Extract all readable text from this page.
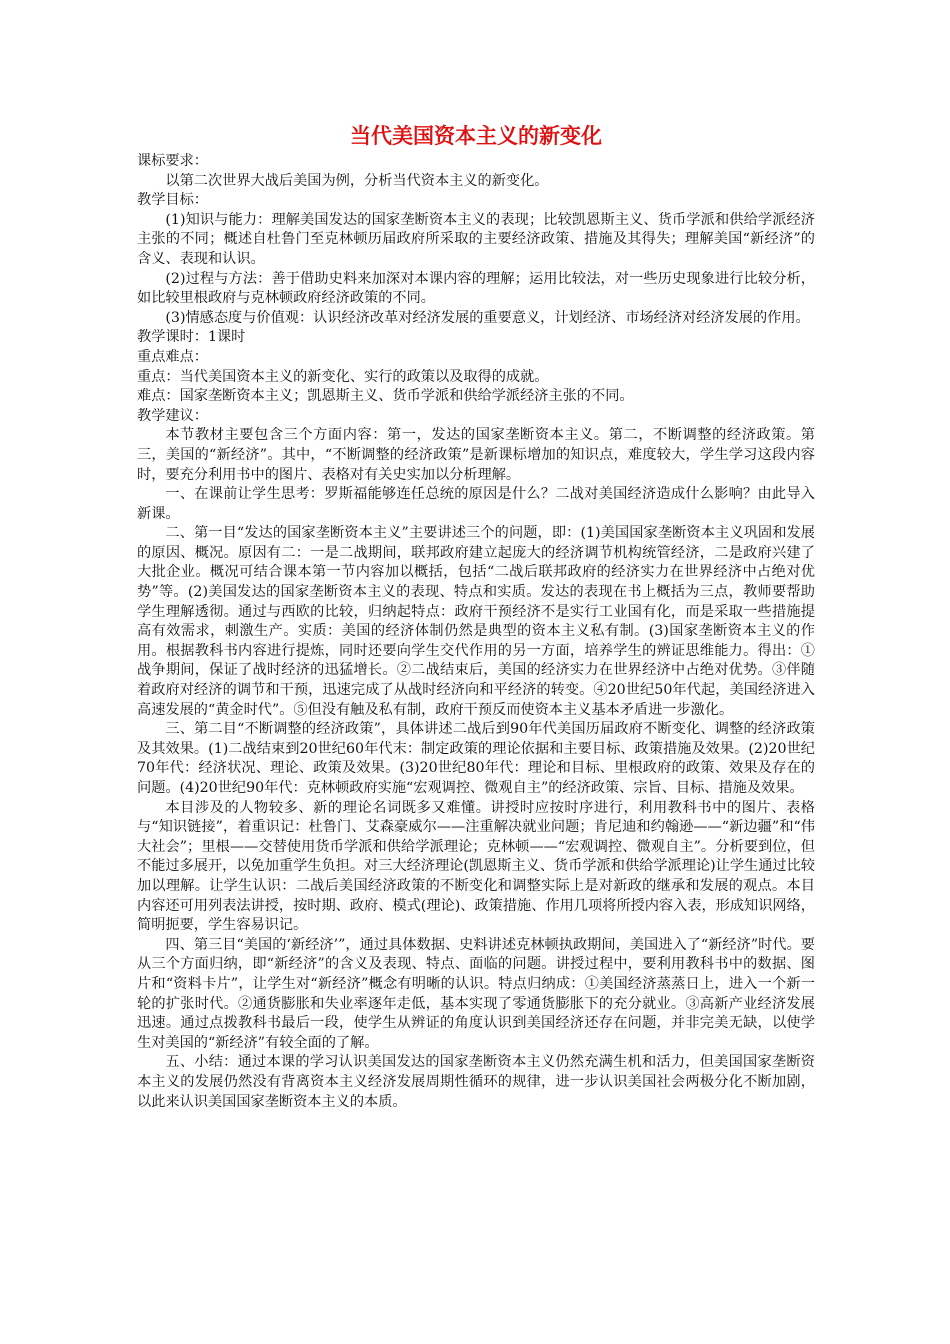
当代美国资本主义的新变化

课标要求：

以第二次世界大战后美国为例，分析当代资本主义的新变化。

教学目标：

(1)知识与能力：理解美国发达的国家垄断资本主义的表现；比较凯恩斯主义、货币学派和供给学派经济主张的不同；概述自杜鲁门至克林顿历届政府所采取的主要经济政策、措施及其得失；理解美国“新经济”的含义、表现和认识。

(2)过程与方法：善于借助史料来加深对本课内容的理解；运用比较法，对一些历史现象进行比较分析，如比较里根政府与克林顿政府经济政策的不同。

(3)情感态度与价值观：认识经济改革对经济发展的重要意义，计划经济、市场经济对经济发展的作用。

教学课时：1课时

重点难点：

重点：当代美国资本主义的新变化、实行的政策以及取得的成就。

难点：国家垄断资本主义；凯恩斯主义、货币学派和供给学派经济主张的不同。

教学建议：

本节教材主要包含三个方面内容：第一，发达的国家垄断资本主义。第二，不断调整的经济政策。第三，美国的“新经济”。其中，“不断调整的经济政策”是新课标增加的知识点，难度较大，学生学习这段内容时，要充分利用书中的图片、表格对有关史实加以分析理解。

一、在课前让学生思考：罗斯福能够连任总统的原因是什么？二战对美国经济造成什么影响？由此导入新课。

二、第一目“发达的国家垄断资本主义”主要讲述三个的问题，即：(1)美国国家垄断资本主义巩固和发展的原因、概况。原因有二：一是二战期间，联邦政府建立起庞大的经济调节机构统管经济，二是政府兴建了大批企业。概况可结合课本第一节内容加以概括，包括“二战后联邦政府的经济实力在世界经济中占绝对优势”等。(2)美国发达的国家垄断资本主义的表现、特点和实质。发达的表现在书上概括为三点，教师要帮助学生理解透彻。通过与西欧的比较，归纳起特点：政府干预经济不是实行工业国有化，而是采取一些措施提高有效需求，刺激生产。实质：美国的经济体制仍然是典型的资本主义私有制。(3)国家垄断资本主义的作用。根据教科书内容进行提炼，同时还要向学生交代作用的另一方面，培养学生的辨证思维能力。得出：①战争期间，保证了战时经济的迅猛增长。②二战结束后，美国的经济实力在世界经济中占绝对优势。③伴随着政府对经济的调节和干预，迅速完成了从战时经济向和平经济的转变。④20世纪50年代起，美国经济进入高速发展的“黄金时代”。⑤但没有触及私有制，政府干预反而使资本主义基本矛盾进一步激化。

三、第二目“不断调整的经济政策”，具体讲述二战后到90年代美国历届政府不断变化、调整的经济政策及其效果。(1)二战结束到20世纪60年代末：制定政策的理论依据和主要目标、政策措施及效果。(2)20世纪70年代：经济状况、理论、政策及效果。(3)20世纪80年代：理论和目标、里根政府的政策、效果及存在的问题。(4)20世纪90年代：克林顿政府实施“宏观调控、微观自主”的经济政策、宗旨、目标、措施及效果。

本目涉及的人物较多、新的理论名词既多又难懂。讲授时应按时序进行，利用教科书中的图片、表格与“知识链接”，着重识记：杜鲁门、艾森豪威尔——注重解决就业问题；肯尼迪和约翰逊——“新边疆”和“伟大社会”；里根——交替使用货币学派和供给学派理论；克林顿——“宏观调控、微观自主”。分析要到位，但不能过多展开，以免加重学生负担。对三大经济理论(凯恩斯主义、货币学派和供给学派理论)让学生通过比较加以理解。让学生认识：二战后美国经济政策的不断变化和调整实际上是对新政的继承和发展的观点。本目内容还可用列表法讲授，按时期、政府、模式(理论)、政策措施、作用几项将所授内容入表，形成知识网络，简明扼要，学生容易识记。

四、第三目“美国的‘新经济’”，通过具体数据、史料讲述克林顿执政期间，美国进入了“新经济”时代。要从三个方面归纳，即“新经济”的含义及表现、特点、面临的问题。讲授过程中，要利用教科书中的数据、图片和“资料卡片”，让学生对“新经济”概念有明晰的认识。特点归纳成：①美国经济蒸蒸日上，进入一个新一轮的扩张时代。②通货膨胀和失业率逐年走低，基本实现了零通货膨胀下的充分就业。③高新产业经济发展迅速。通过点拨教科书最后一段，使学生从辨证的角度认识到美国经济还存在问题，并非完美无缺，以使学生对美国的“新经济”有较全面的了解。

五、小结：通过本课的学习认识美国发达的国家垄断资本主义仍然充满生机和活力，但美国国家垄断资本主义的发展仍然没有背离资本主义经济发展周期性循环的规律，进一步认识美国社会两极分化不断加剧，以此来认识美国国家垄断资本主义的本质。
